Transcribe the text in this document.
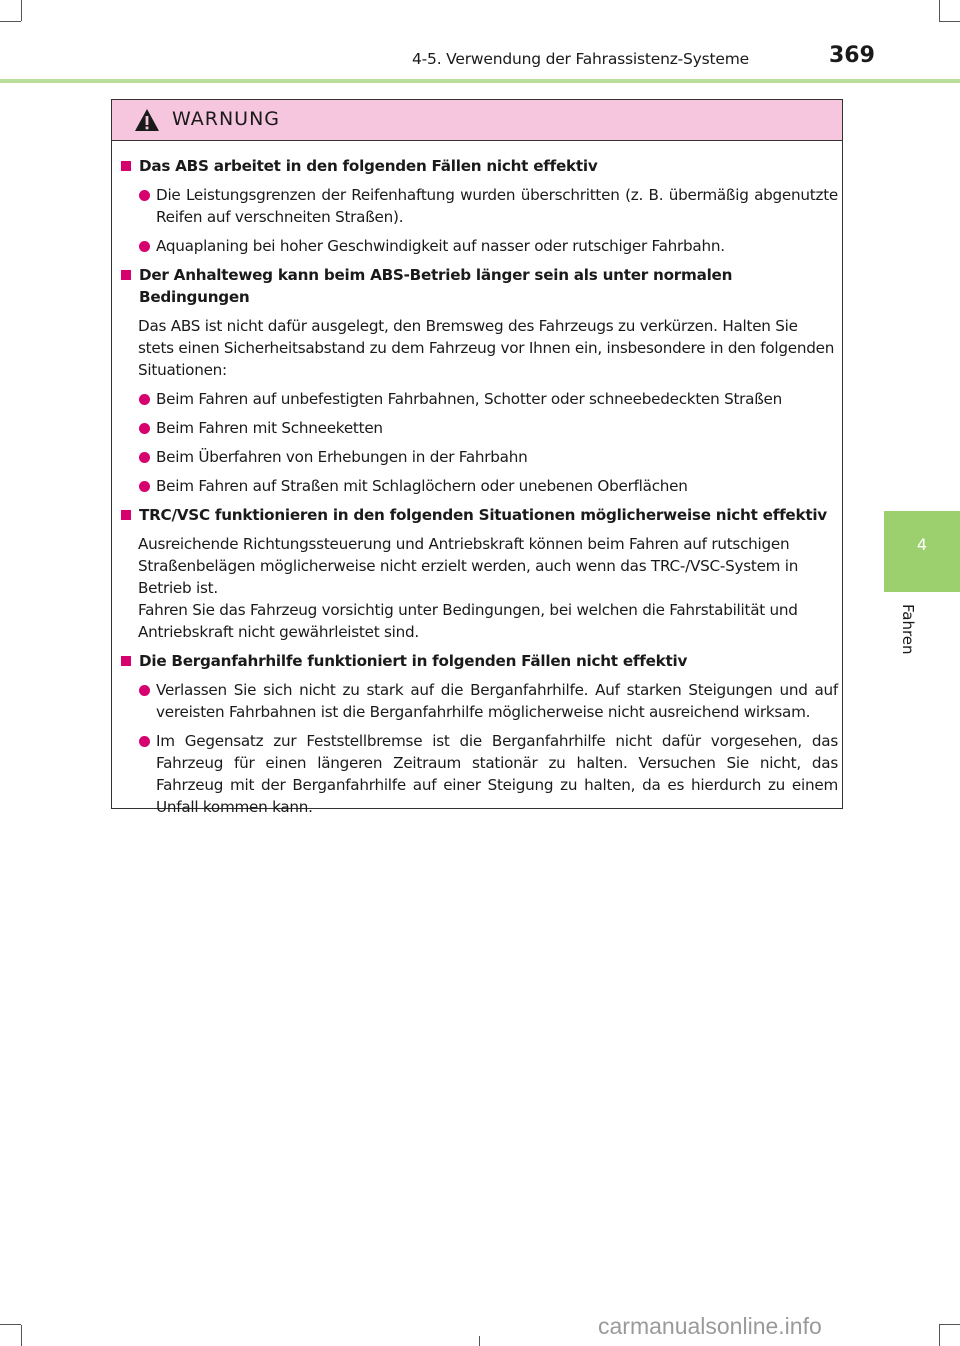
4-5. Verwendung der Fahrassistenz-Systeme	369
4
Fahren
WARNUNG
Das ABS arbeitet in den folgenden Fällen nicht effektiv
Die Leistungsgrenzen der Reifenhaftung wurden überschritten (z. B. übermäßig abgenutzte Reifen auf verschneiten Straßen).
Aquaplaning bei hoher Geschwindigkeit auf nasser oder rutschiger Fahrbahn.
Der Anhalteweg kann beim ABS-Betrieb länger sein als unter normalen Bedingungen
Das ABS ist nicht dafür ausgelegt, den Bremsweg des Fahrzeugs zu verkürzen. Halten Sie stets einen Sicherheitsabstand zu dem Fahrzeug vor Ihnen ein, insbesondere in den folgenden Situationen:
Beim Fahren auf unbefestigten Fahrbahnen, Schotter oder schneebedeckten Straßen
Beim Fahren mit Schneeketten
Beim Überfahren von Erhebungen in der Fahrbahn
Beim Fahren auf Straßen mit Schlaglöchern oder unebenen Oberflächen
TRC/VSC funktionieren in den folgenden Situationen möglicherweise nicht effektiv
Ausreichende Richtungssteuerung und Antriebskraft können beim Fahren auf rutschigen Straßenbelägen möglicherweise nicht erzielt werden, auch wenn das TRC-/VSC-System in Betrieb ist.
Fahren Sie das Fahrzeug vorsichtig unter Bedingungen, bei welchen die Fahrstabilität und Antriebskraft nicht gewährleistet sind.
Die Berganfahrhilfe funktioniert in folgenden Fällen nicht effektiv
Verlassen Sie sich nicht zu stark auf die Berganfahrhilfe. Auf starken Steigungen und auf vereisten Fahrbahnen ist die Berganfahrhilfe möglicherweise nicht ausreichend wirksam.
Im Gegensatz zur Feststellbremse ist die Berganfahrhilfe nicht dafür vorgesehen, das Fahrzeug für einen längeren Zeitraum stationär zu halten. Versuchen Sie nicht, das Fahrzeug mit der Berganfahrhilfe auf einer Steigung zu halten, da es hierdurch zu einem Unfall kommen kann.
carmanualsonline.info
